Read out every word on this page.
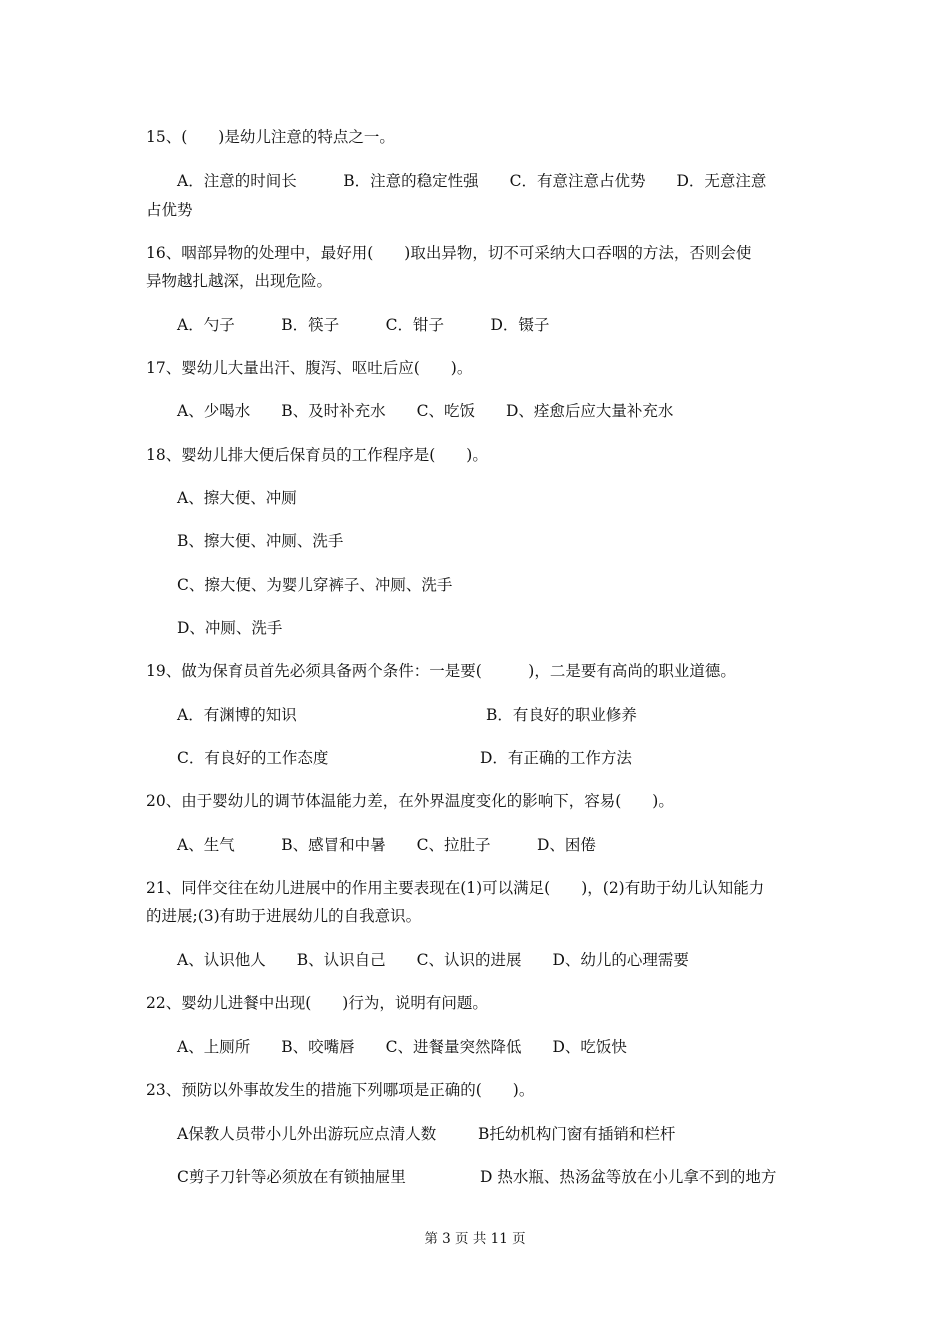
15、(　　)是幼儿注意的特点之一。
A．注意的时间长　　　B．注意的稳定性强　　C．有意注意占优势　　D．无意注意
占优势
16、咽部异物的处理中，最好用(　　)取出异物，切不可采纳大口吞咽的方法，否则会使
异物越扎越深，出现危险。
A．勺子　　　B．筷子　　　C．钳子　　　D．镊子
17、婴幼儿大量出汗、腹泻、呕吐后应(　　)。
A、少喝水　　B、及时补充水　　C、吃饭　　D、痊愈后应大量补充水
18、婴幼儿排大便后保育员的工作程序是(　　)。
A、擦大便、冲厕
B、擦大便、冲厕、洗手
C、擦大便、为婴儿穿裤子、冲厕、洗手
D、冲厕、洗手
19、做为保育员首先必须具备两个条件：一是要(　　　)，二是要有高尚的职业道德。
A．有渊博的知识	B．有良好的职业修养
C．有良好的工作态度	D．有正确的工作方法
20、由于婴幼儿的调节体温能力差，在外界温度变化的影响下，容易(　　)。
A、生气　　　B、感冒和中暑　　C、拉肚子　　　D、困倦
21、同伴交往在幼儿进展中的作用主要表现在(1)可以满足(　　)，(2)有助于幼儿认知能力
的进展;(3)有助于进展幼儿的自我意识。
A、认识他人　　B、认识自己　　C、认识的进展　　D、幼儿的心理需要
22、婴幼儿进餐中出现(　　)行为，说明有问题。
A、上厕所　　B、咬嘴唇　　C、进餐量突然降低　　D、吃饭快
23、预防以外事故发生的措施下列哪项是正确的(　　)。
A保教人员带小儿外出游玩应点清人数	B托幼机构门窗有插销和栏杆
C剪子刀针等必须放在有锁抽屉里	D 热水瓶、热汤盆等放在小儿拿不到的地方
第 3 页 共 11 页
